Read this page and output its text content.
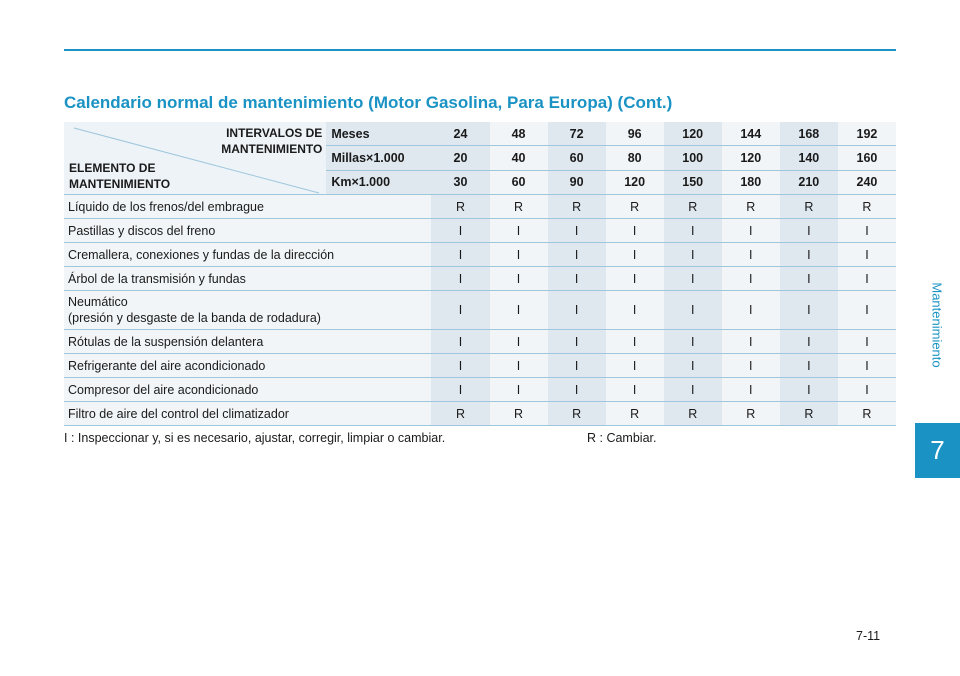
Calendario normal de mantenimiento (Motor Gasolina, Para Europa) (Cont.)
INTERVALOS DE
MANTENIMIENTO
ELEMENTO DE
MANTENIMIENTO	Meses	24	48	72	96	120	144	168	192
	Millas×1.000	20	40	60	80	100	120	140	160
	Km×1.000	30	60	90	120	150	180	210	240

Líquido de los frenos/del embrague		R	R	R	R	R	R	R	R

Pastillas y discos del freno		I	I	I	I	I	I	I	I

Cremallera, conexiones y fundas de la dirección		I	I	I	I	I	I	I	I

Árbol de la transmisión y fundas		I	I	I	I	I	I	I	I

Neumático
(presión y desgaste de la banda de rodadura)		I	I	I	I	I	I	I	I

Rótulas de la suspensión delantera		I	I	I	I	I	I	I	I

Refrigerante del aire acondicionado		I	I	I	I	I	I	I	I

Compresor del aire acondicionado		I	I	I	I	I	I	I	I

Filtro de aire del control del climatizador		R	R	R	R	R	R	R	R
I : Inspeccionar y, si es necesario, ajustar, corregir, limpiar o cambiar.	R : Cambiar.
Mantenimiento
7
7-11
